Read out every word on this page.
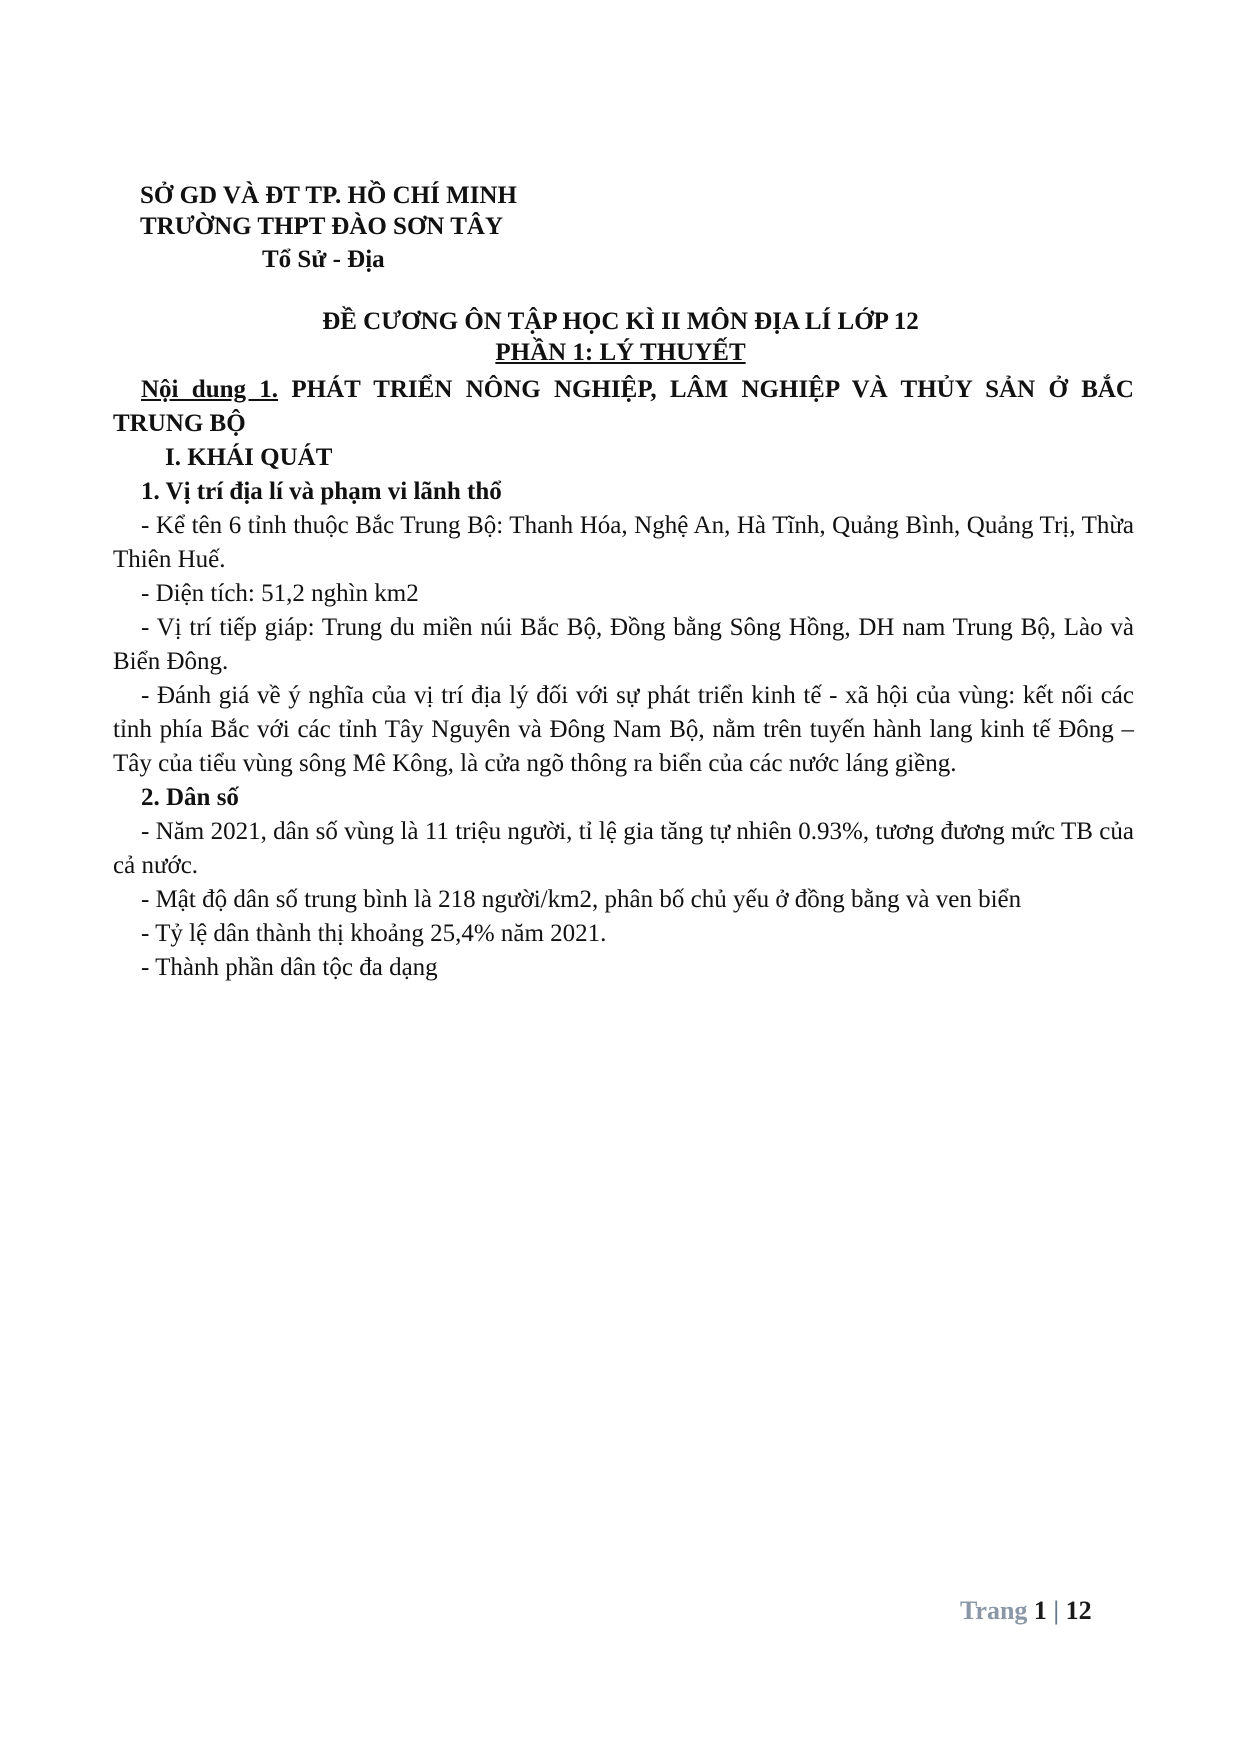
SỞ GD VÀ ĐT TP. HỒ CHÍ MINH
TRƯỜNG THPT ĐÀO SƠN TÂY
Tổ Sử - Địa
ĐỀ CƯƠNG ÔN TẬP HỌC KÌ II MÔN ĐỊA LÍ LỚP 12
PHẦN 1: LÝ THUYẾT

Nội dung 1. PHÁT TRIỂN NÔNG NGHIỆP, LÂM NGHIỆP VÀ THỦY SẢN Ở BẮC TRUNG BỘ

I. KHÁI QUÁT

1. Vị trí địa lí và phạm vi lãnh thổ

- Kể tên 6 tỉnh thuộc Bắc Trung Bộ: Thanh Hóa, Nghệ An, Hà Tĩnh, Quảng Bình, Quảng Trị, Thừa Thiên Huế.

- Diện tích: 51,2 nghìn km2

- Vị trí tiếp giáp: Trung du miền núi Bắc Bộ, Đồng bằng Sông Hồng, DH nam Trung Bộ, Lào và Biển Đông.

- Đánh giá về ý nghĩa của vị trí địa lý đối với sự phát triển kinh tế - xã hội của vùng: kết nối các tỉnh phía Bắc với các tỉnh Tây Nguyên và Đông Nam Bộ, nằm trên tuyến hành lang kinh tế Đông – Tây của tiểu vùng sông Mê Kông, là cửa ngõ thông ra biển của các nước láng giềng.

2. Dân số

- Năm 2021, dân số vùng là 11 triệu người, tỉ lệ gia tăng tự nhiên 0.93%, tương đương mức TB của cả nước.

- Mật độ dân số trung bình là 218 người/km2, phân bố chủ yếu ở đồng bằng và ven biển

- Tỷ lệ dân thành thị khoảng 25,4% năm 2021.

- Thành phần dân tộc đa dạng

Trang 1 | 12
